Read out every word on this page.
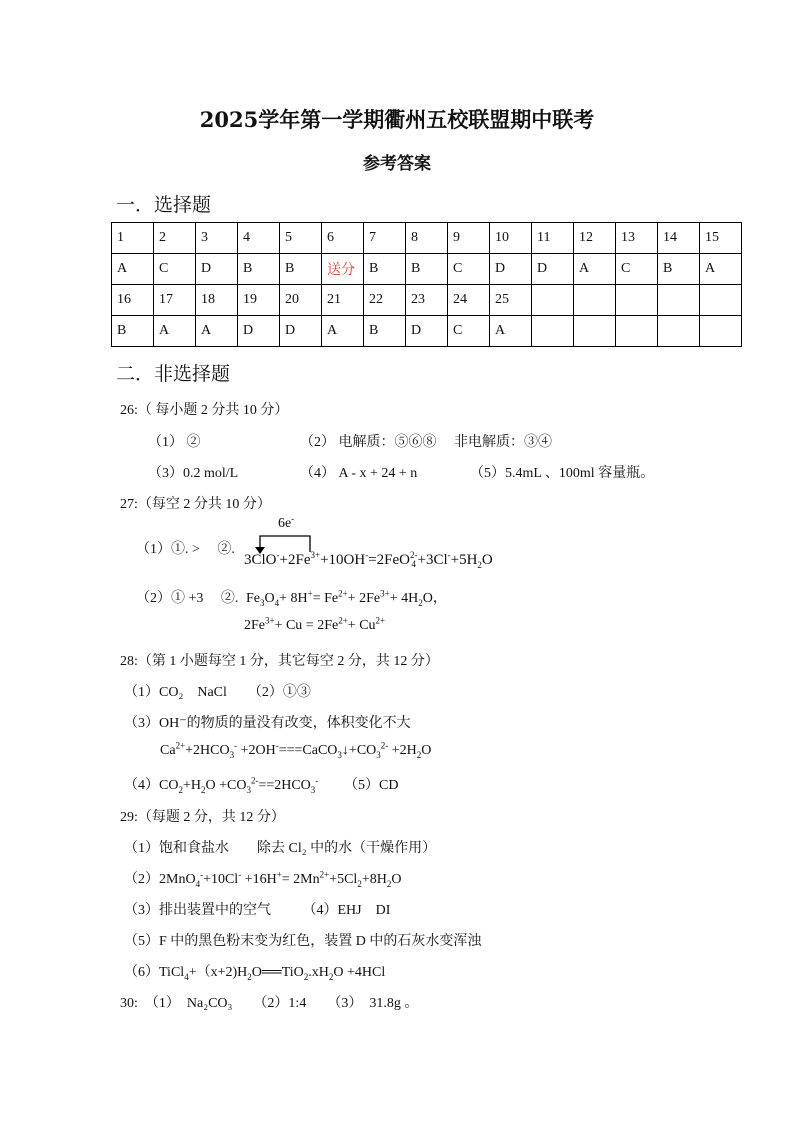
2025学年第一学期衢州五校联盟期中联考
参考答案
一．选择题
1	2	3	4	5	6	7	8	9	10	11	12	13	14	15
A	C	D	B	B	送分	B	B	C	D	D	A	C	B	A
16	17	18	19	20	21	22	23	24	25					
B	A	A	D	D	A	B	D	C	A					
二．非选择题
26:（ 每小题 2 分共 10 分）
（1） ②	（2） 电解质：⑤⑥⑧　 非电解质：③④
（3）0.2 mol/L	（4） A - x + 24 + n	（5）5.4mL 、100ml 容量瓶。
27:（每空 2 分共 10 分）
（1）①. >　 ②.
6e-
$3ClO^-+2Fe^{3+}+10OH^-=2FeO2-$
$4 +3Cl^-+5H_2O$
（2）① +3　 ②. $Fe_3O_4+ 8H^+= Fe^{2+}+ 2Fe^{3+}+ 4H_2O$，
$2Fe^{3+}+ Cu = 2Fe^{2+}+ Cu^{2+}$
28:（第 1 小题每空 1 分，其它每空 2 分，共 12 分）
（1）CO₂　NaCl　　（2）①③
（3）OH⁻的物质的量没有改变，体积变化不大
$Ca^{2+}+2HCO_3^-$ $+2OH^-===CaCO_3↓+CO_3^{2-} +2H_2O$
$(4)CO_2+H_2O +CO_3^{2-}==2HCO_3^-$ （5）CD
29:（每题 2 分，共 12 分）
（1）饱和食盐水　　除去 Cl₂ 中的水（干燥作用）
$(2)2MnO_4^-+10Cl^- +16H^+= 2Mn^{2+}+5Cl_2+8H_2O$
（3）排出装置中的空气　　 （4）EHJ　DI
（5）F 中的黑色粉末变为红色，装置 D 中的石灰水变浑浊
$(6)TiCl_4+(x+2)H_2O══TiO_2.xH_2O +4HCl$
30:　（1）　Na₂CO₃　　（2）1:4　　（3）　31.8g 。
